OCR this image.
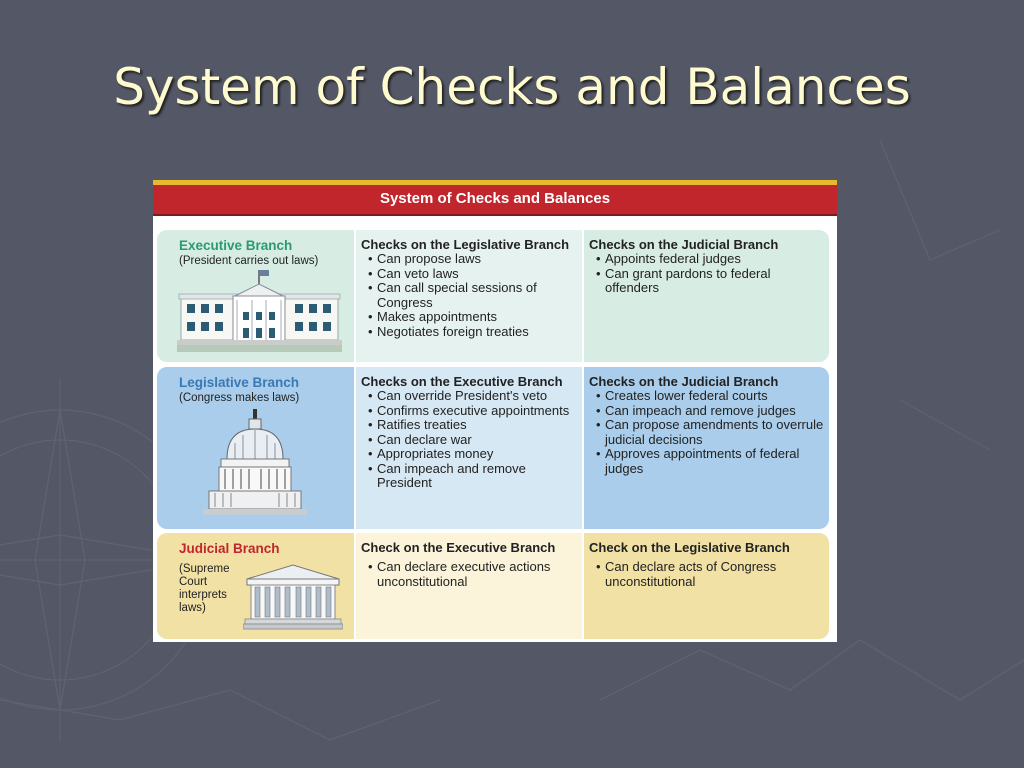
System of Checks and Balances
System of Checks and Balances
Executive Branch
(President carries out laws)
Checks on the Legislative Branch
• Can propose laws
• Can veto laws
• Can call special sessions of Congress
• Makes appointments
• Negotiates foreign treaties
Checks on the Judicial Branch
• Appoints federal judges
• Can grant pardons to federal offenders
Legislative Branch
(Congress makes laws)
Checks on the Executive Branch
• Can override President's veto
• Confirms executive appointments
• Ratifies treaties
• Can declare war
• Appropriates money
• Can impeach and remove President
Checks on the Judicial Branch
• Creates lower federal courts
• Can impeach and remove judges
• Can propose amendments to overrule judicial decisions
• Approves appointments of federal judges
Judicial Branch
(Supreme Court interprets laws)
Check on the Executive Branch
• Can declare executive actions unconstitutional
Check on the Legislative Branch
• Can declare acts of Congress unconstitutional
